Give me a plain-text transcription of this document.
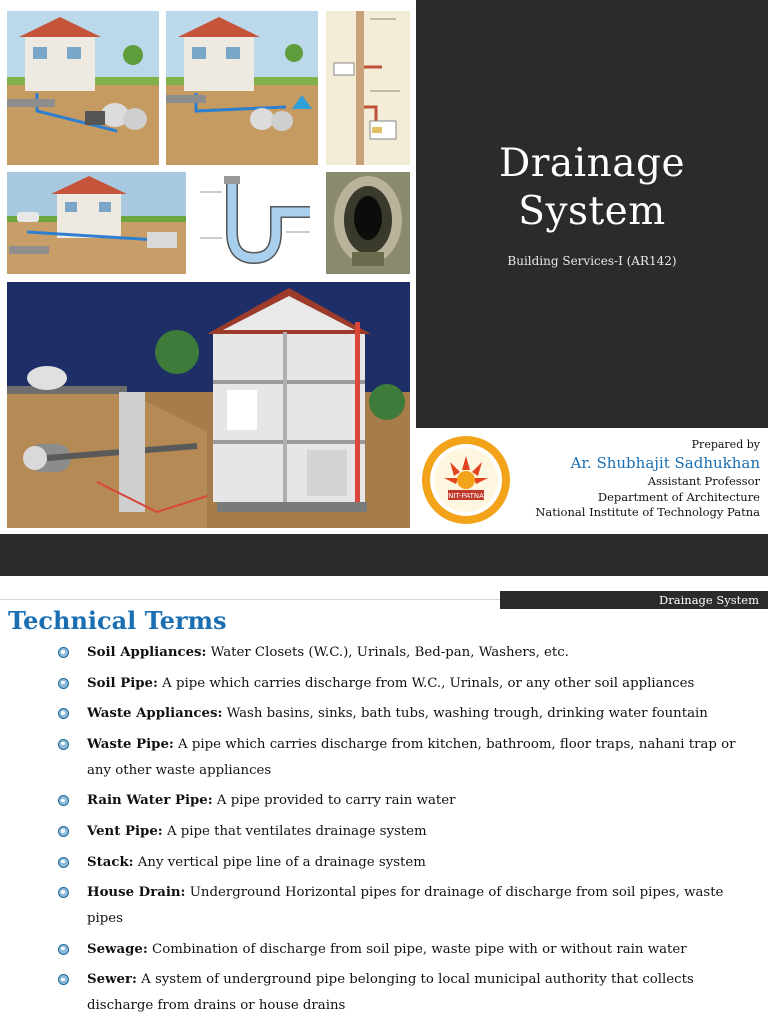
Drainage
System
Building Services-I (AR142)
NIT-PATNA
Prepared by
Ar. Shubhajit Sadhukhan
Assistant Professor
Department of Architecture
National Institute of Technology Patna
Drainage System
Technical Terms
Soil Appliances: Water Closets (W.C.), Urinals, Bed-pan, Washers, etc.
Soil Pipe: A pipe which carries discharge from W.C., Urinals, or any other soil appliances
Waste Appliances: Wash basins, sinks, bath tubs, washing trough, drinking water fountain
Waste Pipe: A pipe which carries discharge from kitchen, bathroom, floor traps, nahani trap or any other waste appliances
Rain Water Pipe: A pipe provided to carry rain water
Vent Pipe: A pipe that ventilates drainage system
Stack: Any vertical pipe line of a drainage system
House Drain: Underground Horizontal pipes for drainage of discharge from soil pipes, waste pipes
Sewage: Combination of discharge from soil pipe, waste pipe with or without rain water
Sewer: A system of underground pipe belonging to local municipal authority that collects discharge from drains or house drains
